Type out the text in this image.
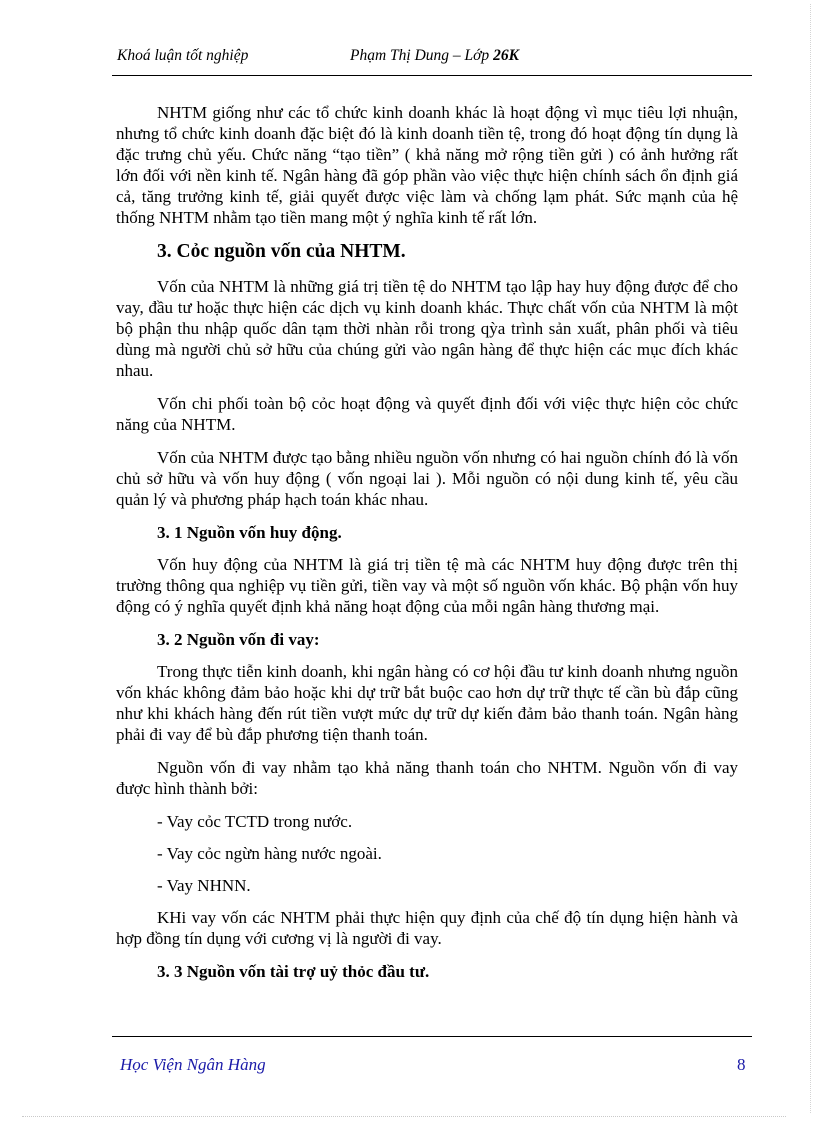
Khoá luận tốt nghiệp	Phạm Thị Dung – Lớp 26K

NHTM giống như các tổ chức kinh doanh khác là hoạt động vì mục tiêu lợi nhuận, nhưng tổ chức kinh doanh đặc biệt đó là kinh doanh tiền tệ, trong đó hoạt động tín dụng là đặc trưng chủ yếu. Chức năng “tạo tiền” ( khả năng mở rộng tiền gửi ) có ảnh hưởng rất lớn đối với nền kinh tế. Ngân hàng đã góp phần vào việc thực hiện chính sách ổn định giá cả, tăng trưởng kinh tế, giải quyết được việc làm và chống lạm phát. Sức mạnh của hệ thống NHTM nhằm tạo tiền mang một ý nghĩa kinh tế rất lớn.

3. Cỏc nguồn vốn của NHTM.

Vốn của NHTM là những giá trị tiền tệ do NHTM tạo lập hay huy động được để cho vay, đầu tư hoặc thực hiện các dịch vụ kinh doanh khác. Thực chất vốn của NHTM là một bộ phận thu nhập quốc dân tạm thời nhàn rỗi trong qỳa trình sản xuất, phân phối và tiêu dùng mà người chủ sở hữu của chúng gửi vào ngân hàng để thực hiện các mục đích khác nhau.

Vốn chi phối toàn bộ cỏc hoạt động và quyết định đối với việc thực hiện cỏc chức năng của NHTM.

Vốn của NHTM được tạo bằng nhiều nguồn vốn nhưng có hai nguồn chính đó là vốn chủ sở hữu và vốn huy động ( vốn ngoại lai ). Mỗi nguồn có nội dung kinh tế, yêu cầu quản lý và phương pháp hạch toán khác nhau.

3. 1 Nguồn vốn huy động.

Vốn huy động của NHTM là giá trị tiền tệ mà các NHTM huy động được trên thị trường thông qua nghiệp vụ tiền gửi, tiền vay và một số nguồn vốn khác. Bộ phận vốn huy động có ý nghĩa quyết định khả năng hoạt động của mỗi ngân hàng thương mại.

3. 2 Nguồn vốn đi vay:

Trong thực tiễn kinh doanh, khi ngân hàng có cơ hội đầu tư kinh doanh nhưng nguồn vốn khác không đảm bảo hoặc khi dự trữ bắt buộc cao hơn dự trữ thực tế cần bù đắp cũng như khi khách hàng đến rút tiền vượt mức dự trữ dự kiến đảm bảo thanh toán. Ngân hàng phải đi vay để bù đắp phương tiện thanh toán.

Nguồn vốn đi vay nhằm tạo khả năng thanh toán cho NHTM. Nguồn vốn đi vay được hình thành bởi:

- Vay cỏc TCTD trong nước.
- Vay cỏc ngừn hàng nước ngoài.
- Vay NHNN.

KHi vay vốn các NHTM phải thực hiện quy định của chế độ tín dụng hiện hành và hợp đồng tín dụng với cương vị là người đi vay.

3. 3 Nguồn vốn tài trợ uỷ thỏc đầu tư.
Học Viện Ngân Hàng	8
